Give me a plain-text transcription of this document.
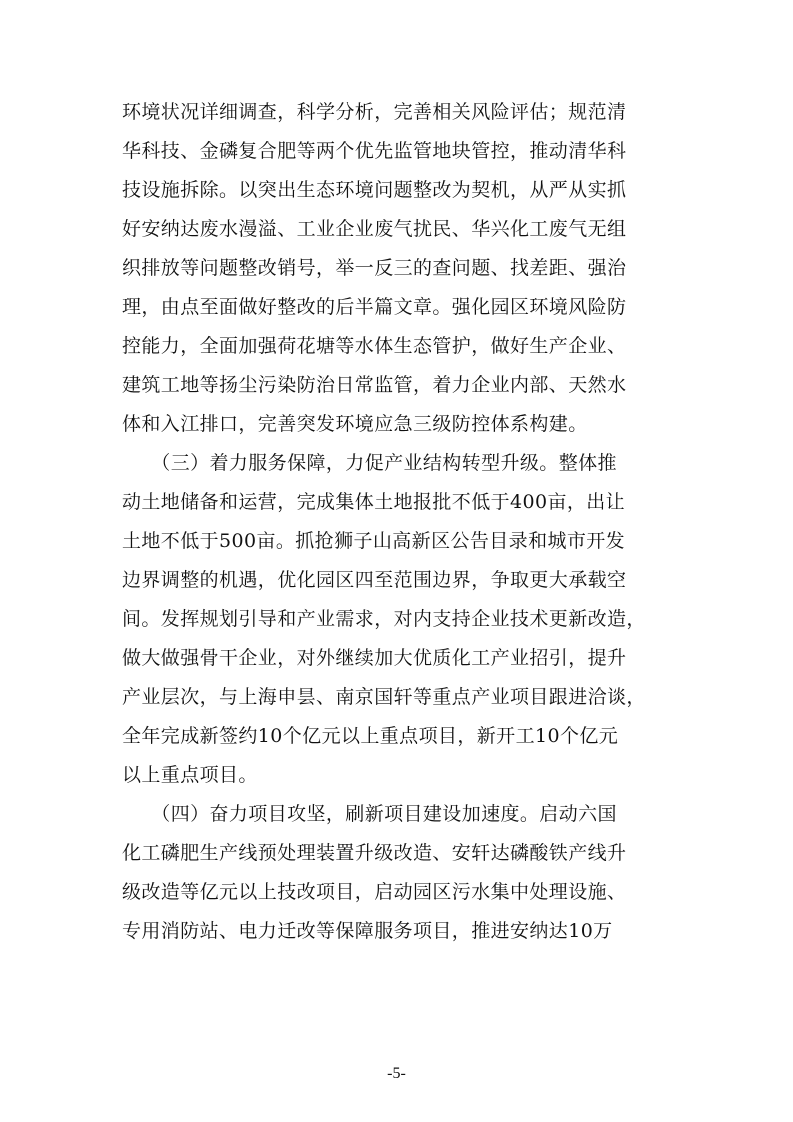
环境状况详细调查，科学分析，完善相关风险评估；规范清
华科技、金磷复合肥等两个优先监管地块管控，推动清华科
技设施拆除。以突出生态环境问题整改为契机，从严从实抓
好安纳达废水漫溢、工业企业废气扰民、华兴化工废气无组
织排放等问题整改销号，举一反三的查问题、找差距、强治
理，由点至面做好整改的后半篇文章。强化园区环境风险防
控能力，全面加强荷花塘等水体生态管护，做好生产企业、
建筑工地等扬尘污染防治日常监管，着力企业内部、天然水
体和入江排口，完善突发环境应急三级防控体系构建。
　　（三）着力服务保障，力促产业结构转型升级。整体推
动土地储备和运营，完成集体土地报批不低于400亩，出让
土地不低于500亩。抓抢狮子山高新区公告目录和城市开发
边界调整的机遇，优化园区四至范围边界，争取更大承载空
间。发挥规划引导和产业需求，对内支持企业技术更新改造，
做大做强骨干企业，对外继续加大优质化工产业招引，提升
产业层次，与上海申昙、南京国轩等重点产业项目跟进洽谈，
全年完成新签约10个亿元以上重点项目，新开工10个亿元
以上重点项目。
　　（四）奋力项目攻坚，刷新项目建设加速度。启动六国
化工磷肥生产线预处理装置升级改造、安轩达磷酸铁产线升
级改造等亿元以上技改项目，启动园区污水集中处理设施、
专用消防站、电力迁改等保障服务项目，推进安纳达10万
-5-
